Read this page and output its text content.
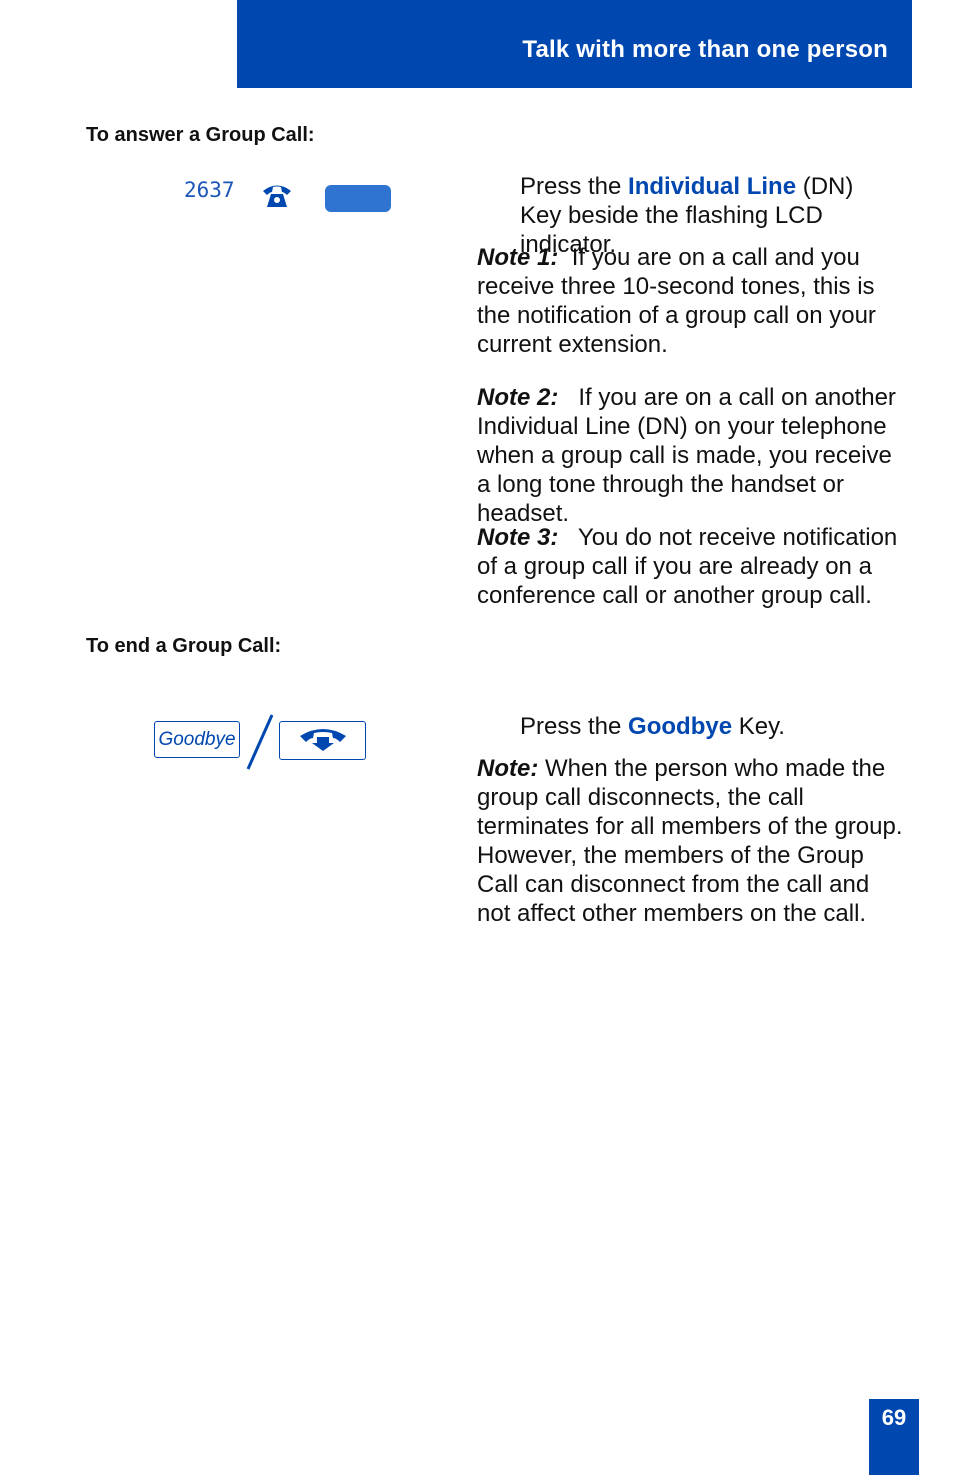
Talk with more than one person
To answer a Group Call:
2637	Press the Individual Line (DN) Key beside the flashing LCD indicator.
Note 1: If you are on a call and you receive three 10-second tones, this is the notification of a group call on your current extension.
Note 2: If you are on a call on another Individual Line (DN) on your telephone when a group call is made, you receive a long tone through the handset or headset.
Note 3: You do not receive notification of a group call if you are already on a conference call or another group call.
To end a Group Call:
Goodbye	Press the Goodbye Key.
Note: When the person who made the group call disconnects, the call terminates for all members of the group. However, the members of the Group Call can disconnect from the call and not affect other members on the call.
69
